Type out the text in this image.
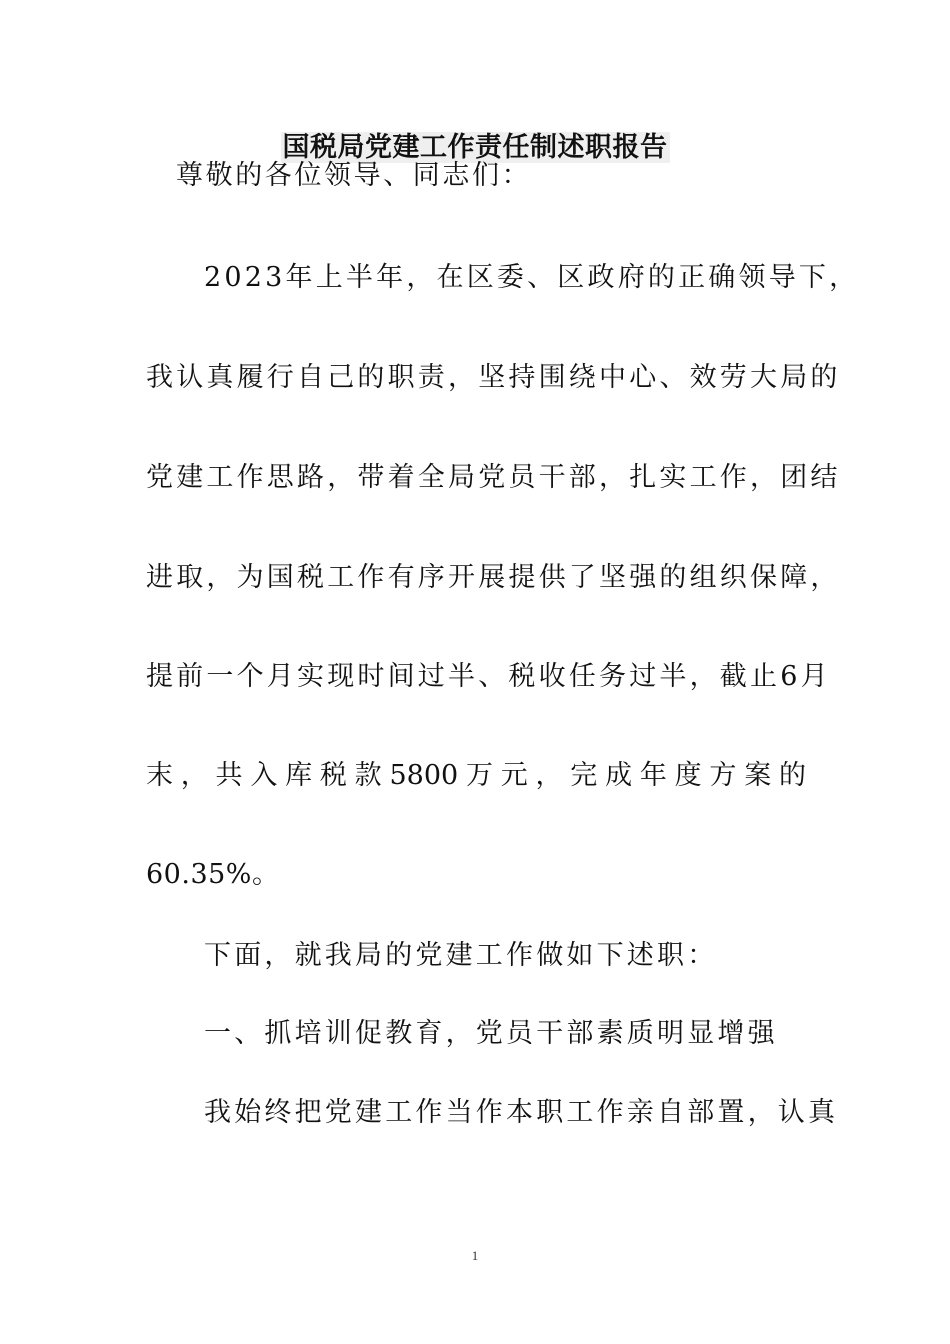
国税局党建工作责任制述职报告
尊敬的各位领导、同志们：
2023年上半年，在区委、区政府的正确领导下，
我认真履行自己的职责，坚持围绕中心、效劳大局的
党建工作思路，带着全局党员干部，扎实工作，团结
进取，为国税工作有序开展提供了坚强的组织保障，
提前一个月实现时间过半、税收任务过半，截止6月
末，共入库税款5800万元，完成年度方案的
60.35%。
下面，就我局的党建工作做如下述职：
一、抓培训促教育，党员干部素质明显增强
我始终把党建工作当作本职工作亲自部置，认真
1
